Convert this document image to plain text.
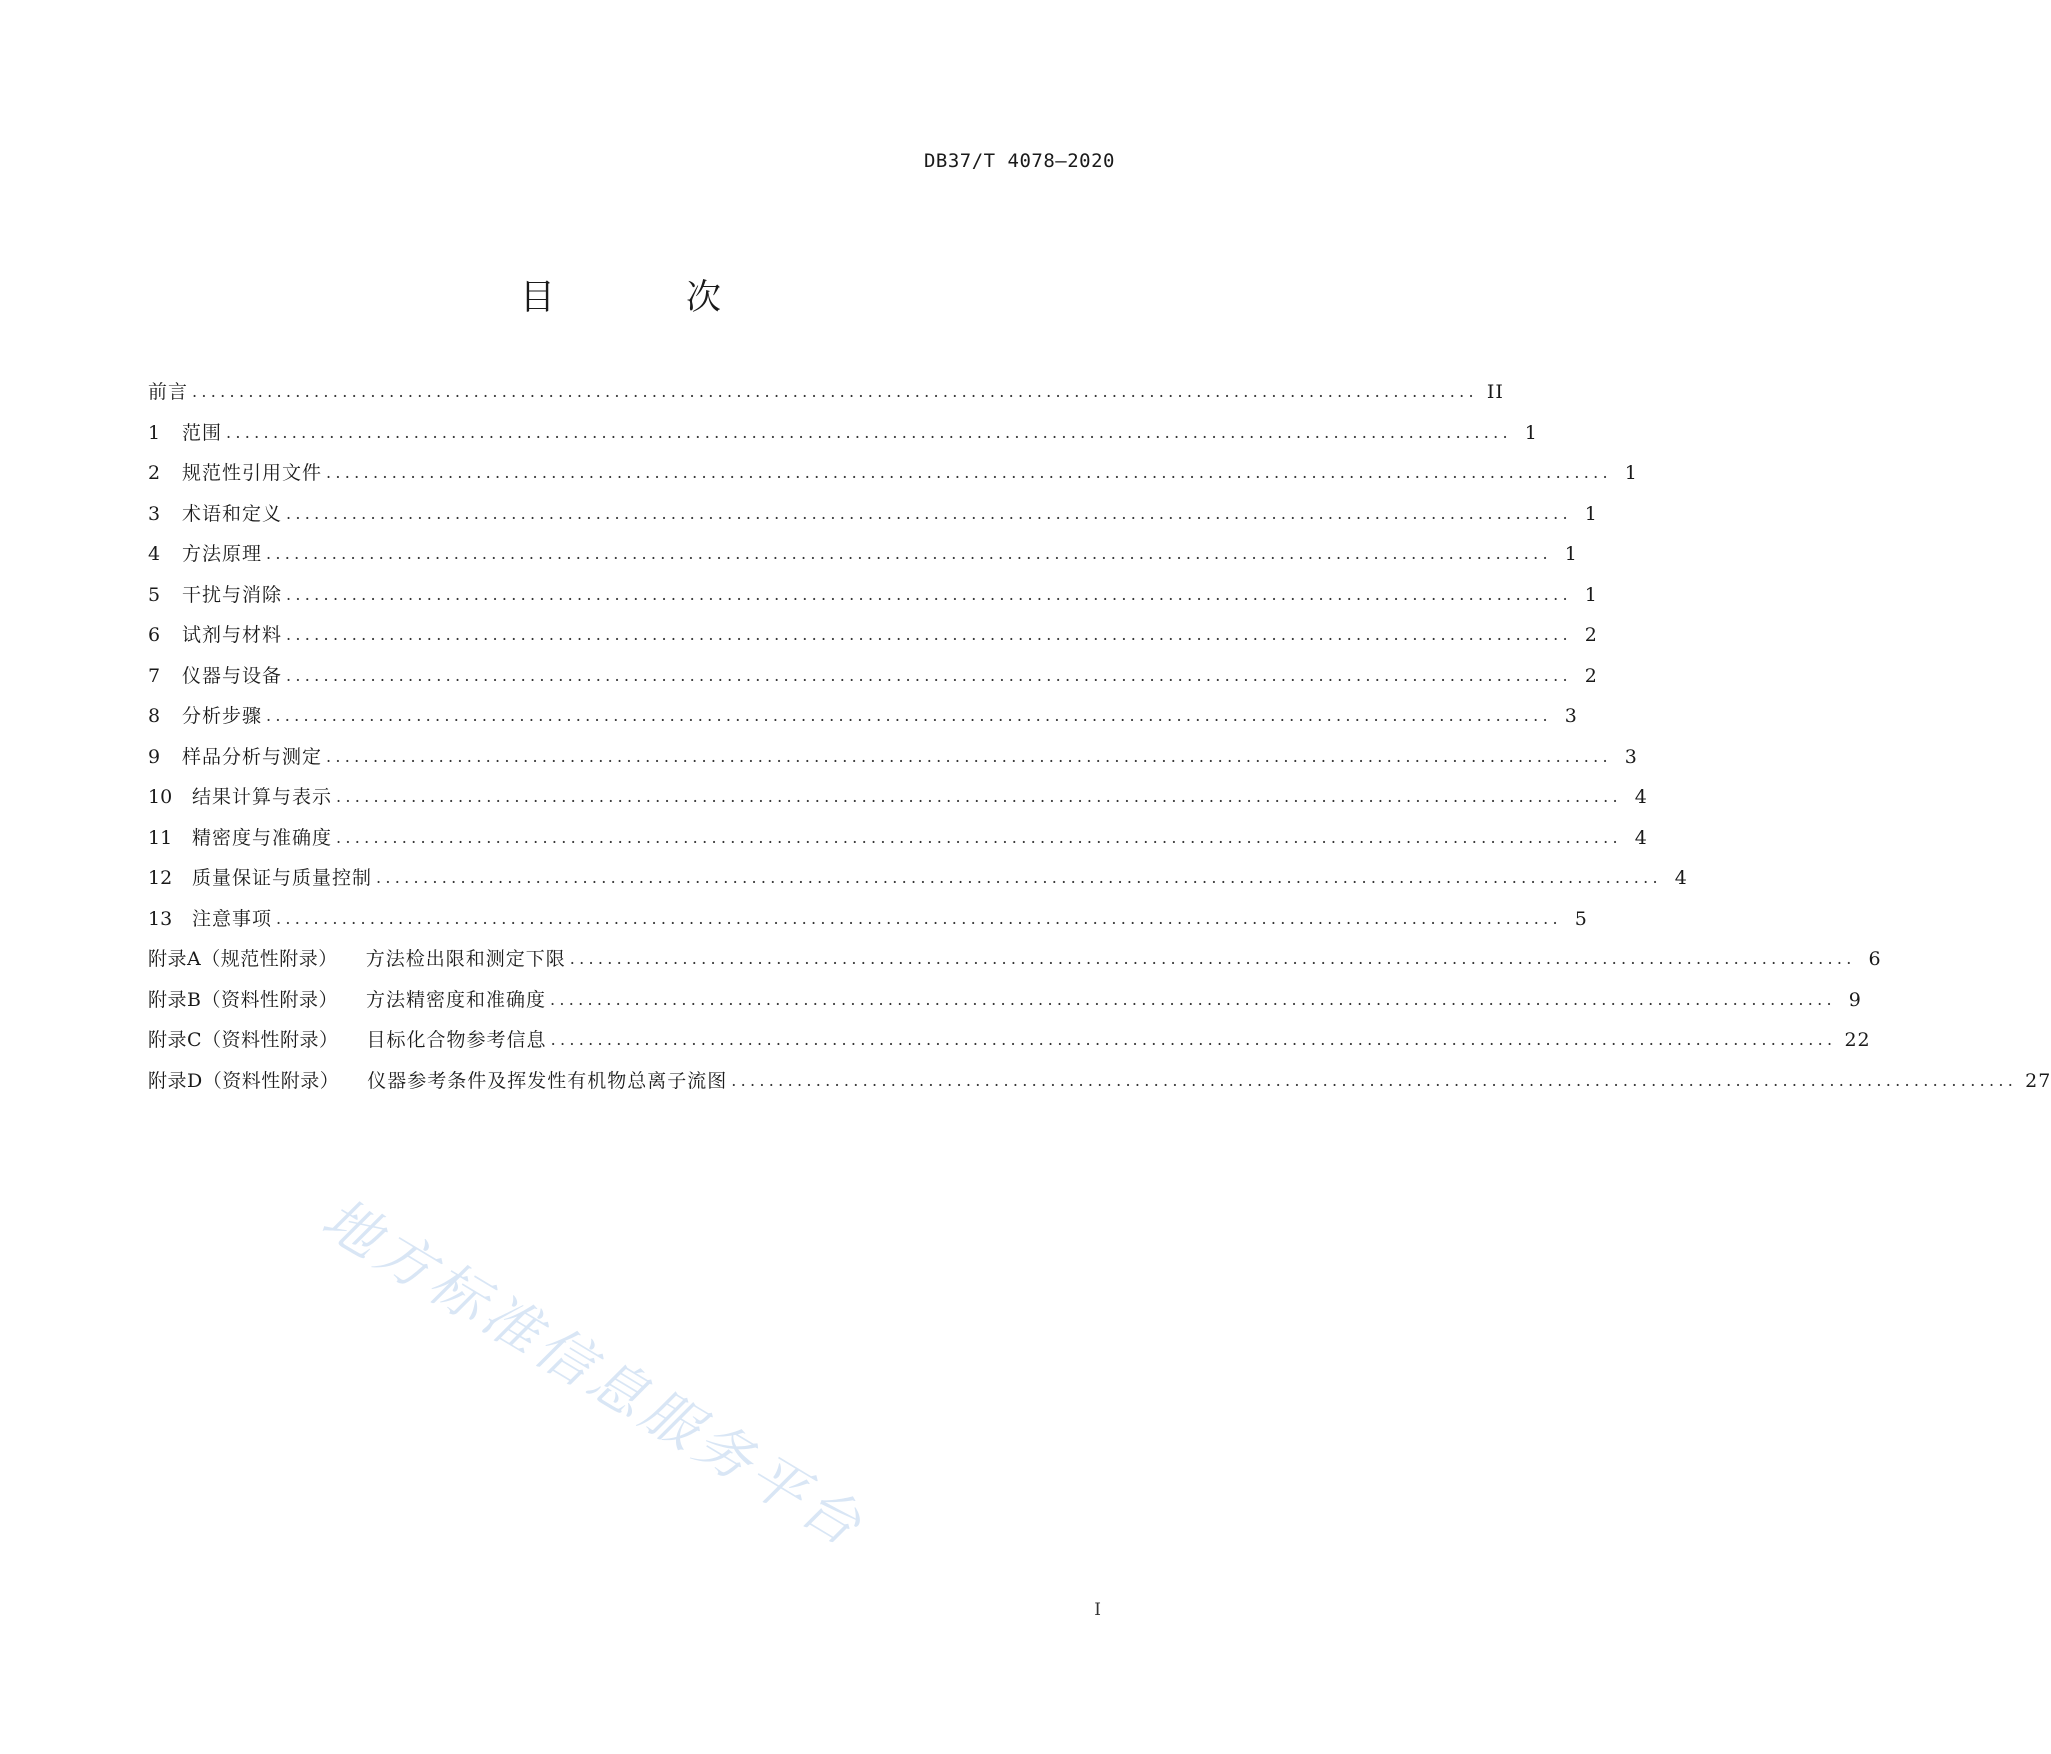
DB37/T 4078—2020
目 次
前言 ......................................................................................................................................... II
1	范围 ......................................................................................................................................... 1
2	规范性引用文件 ......................................................................................................................................... 1
3	术语和定义 ......................................................................................................................................... 1
4	方法原理 ......................................................................................................................................... 1
5	干扰与消除 ......................................................................................................................................... 1
6	试剂与材料 ......................................................................................................................................... 2
7	仪器与设备 ......................................................................................................................................... 2
8	分析步骤 ......................................................................................................................................... 3
9	样品分析与测定 ......................................................................................................................................... 3
10	结果计算与表示 ......................................................................................................................................... 4
11	精密度与准确度 ......................................................................................................................................... 4
12	质量保证与质量控制 ......................................................................................................................................... 4
13	注意事项 ......................................................................................................................................... 5
附录A（规范性附录） 方法检出限和测定下限 ......................................................................................................................................... 6
附录B（资料性附录） 方法精密度和准确度 ......................................................................................................................................... 9
附录C（资料性附录） 目标化合物参考信息 ......................................................................................................................................... 22
附录D（资料性附录） 仪器参考条件及挥发性有机物总离子流图 ......................................................................................................................................... 27
地方标准信息服务平台
I
